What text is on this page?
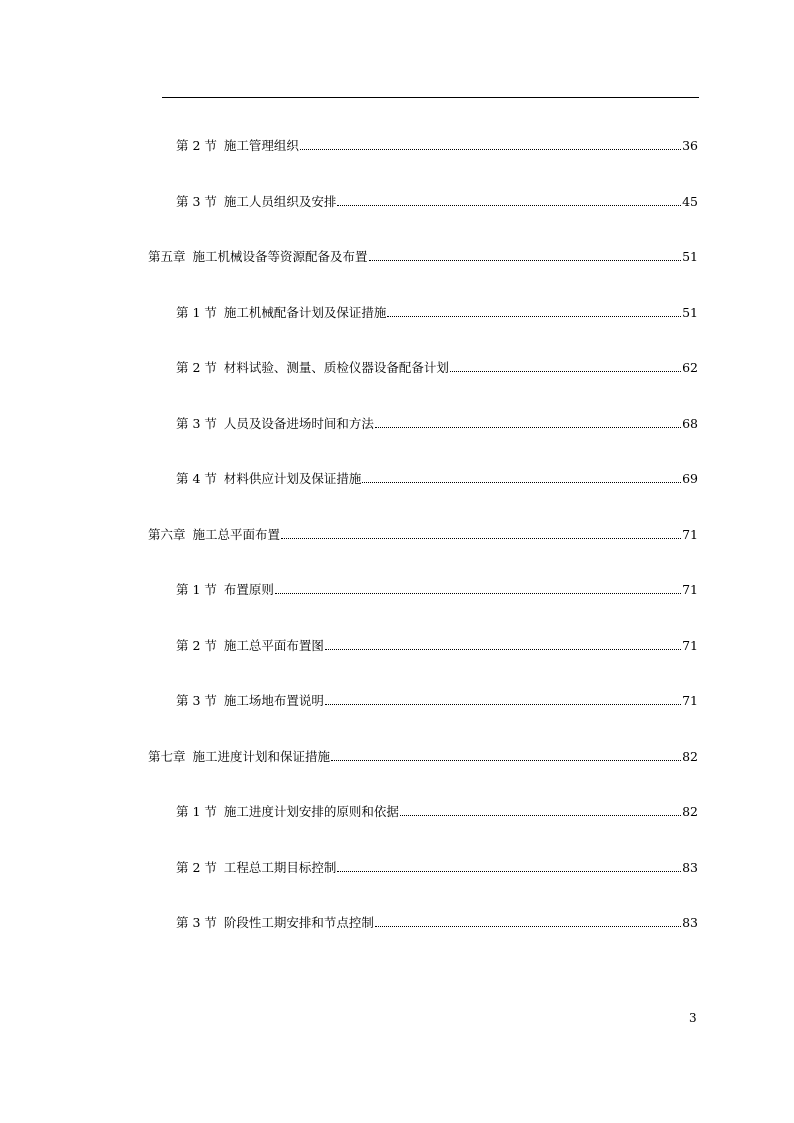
第 2 节 施工管理组织	36
第 3 节 施工人员组织及安排	45
第五章 施工机械设备等资源配备及布置	51
第 1 节 施工机械配备计划及保证措施	51
第 2 节 材料试验、测量、质检仪器设备配备计划	62
第 3 节 人员及设备进场时间和方法	68
第 4 节 材料供应计划及保证措施	69
第六章 施工总平面布置	71
第 1 节 布置原则	71
第 2 节 施工总平面布置图	71
第 3 节 施工场地布置说明	71
第七章 施工进度计划和保证措施	82
第 1 节 施工进度计划安排的原则和依据	82
第 2 节 工程总工期目标控制	83
第 3 节 阶段性工期安排和节点控制	83
3
